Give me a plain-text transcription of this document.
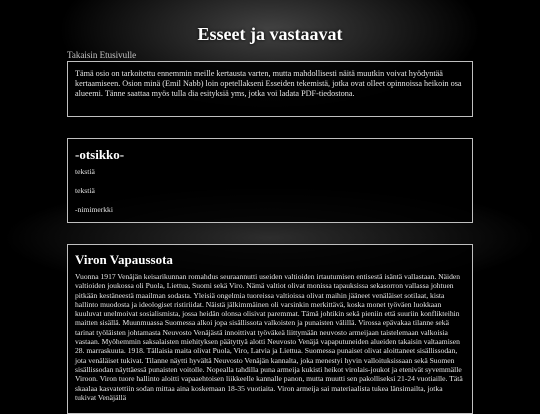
Esseet ja vastaavat
Takaisin Etusivulle

Tämä osio on tarkoitettu ennemmin meille kertausta varten, mutta mahdollisesti näitä muutkin voivat hyödyntää kertaamiseen. Osion minä (Emil Nabb) loin opetellakseni Esseiden tekemistä, jotka ovat olleet opinnoissa heikoin osa alueemi. Tänne saattaa myös tulla dia esityksiä yms, jotka voi ladata PDF-tiedostona.

-otsikko-

tekstiä

tekstiä

-nimimerkki

Viron Vapaussota

Vuonna 1917 Venäjän keisarikunnan romahdus seuraannutti useiden valtioiden irtautumisen entisestä isäntä vallastaan. Näiden valtioiden joukossa oli Puola, Liettua, Suomi sekä Viro. Nämä valtiot olivat monissa tapauksissa sekasorron vallassa johtuen pitkään kestäneestä maailman sodasta. Yleisiä ongelmia tuoreissa valtioissa olivat maihin jääneet venäläiset sotilaat, kista hallinto muodosta ja ideologiset ristiriidat. Näistä jälkimmäinen oli varsinkin merkittävä, koska monet työväen luokkaan kuuluvat unelmoivat sosialismista, jossa heidän olonsa olisivat paremmat. Tämä johtikin sekä pieniin että suuriin konflikteihin maitten sisällä. Muunmuassa Suomessa alkoi jopa sisällissota valkoisten ja punaisten välillä. Virossa epävakaa tilanne sekä tarinat työläisten johtamasta Neuvosto Venäjästä innoittivat työväkeä liittymään neuvosto armeijaan taistelemaan valkoisia vastaan. Myöhemmin saksalaisten miehityksen päätyttyä alotti Neuvosto Venäjä vapaputuneiden alueiden takaisin valtaamisen 28. marraskuuta. 1918. Tällaisia maita olivat Puola, Viro, Latvia ja Liettua. Suomessa punaiset olivat aloittaneet sisällissodan, jota venäläiset tukivat. Tilanne näytti hyvältä Neuvosto Venäjän kannalta, joka menestyi hyvin valloituksissaan sekä Suomen sisällissodan näyttäessä punaisten voitolle. Nopealla tahdilla puna armeija kukisti heikot virolais-joukot ja etenivät syvemmälle Viroon. Viron tuore hallinto aloitti vapaaehtoisen liikkeelle kannalle panon, mutta muutti sen pakolliseksi 21-24 vuotiaille. Tätä skaalaa kasvatettiin sodan mittaa aina koskemaan 18-35 vuotiaita. Viron armeija sai materiaalista tukea länsimailta, jotka tukivat Venäjällä
